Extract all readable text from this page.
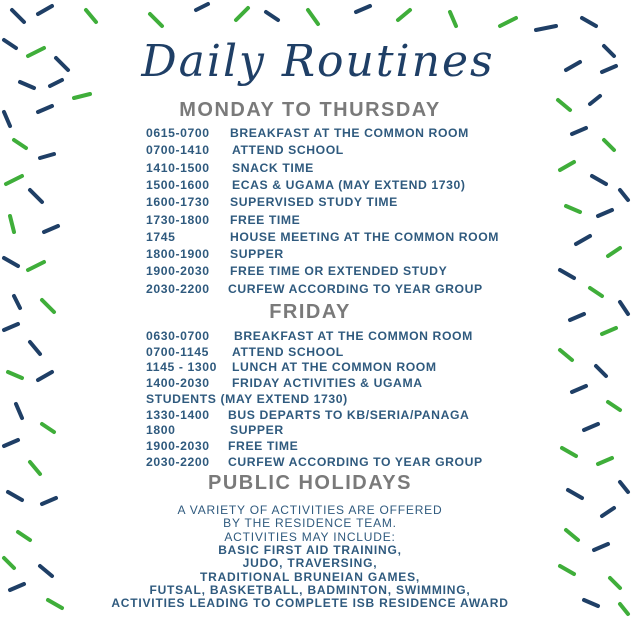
Daily Routines
MONDAY TO THURSDAY
0615-0700 BREAKFAST AT THE COMMON ROOM
0700-1410 ATTEND SCHOOL
1410-1500 SNACK TIME
1500-1600 ECAS & UGAMA (MAY EXTEND 1730)
1600-1730 SUPERVISED STUDY TIME
1730-1800 FREE TIME
1745	HOUSE MEETING AT THE COMMON ROOM
1800-1900 SUPPER
1900-2030 FREE TIME OR EXTENDED STUDY
2030-2200 CURFEW ACCORDING TO YEAR GROUP
FRIDAY
0630-0700 BREAKFAST AT THE COMMON ROOM
0700-1145 ATTEND SCHOOL
1145 - 1300 LUNCH AT THE COMMON ROOM
1400-2030 FRIDAY ACTIVITIES & UGAMA
STUDENTS (MAY EXTEND 1730)
1330-1400 BUS DEPARTS TO KB/SERIA/PANAGA
1800	SUPPER
1900-2030 FREE TIME
2030-2200 CURFEW ACCORDING TO YEAR GROUP
PUBLIC HOLIDAYS
A VARIETY OF ACTIVITIES ARE OFFERED
BY THE RESIDENCE TEAM.
ACTIVITIES MAY INCLUDE:
BASIC FIRST AID TRAINING,
JUDO, TRAVERSING,
TRADITIONAL BRUNEIAN GAMES,
FUTSAL, BASKETBALL, BADMINTON, SWIMMING,
ACTIVITIES LEADING TO COMPLETE ISB RESIDENCE AWARD
